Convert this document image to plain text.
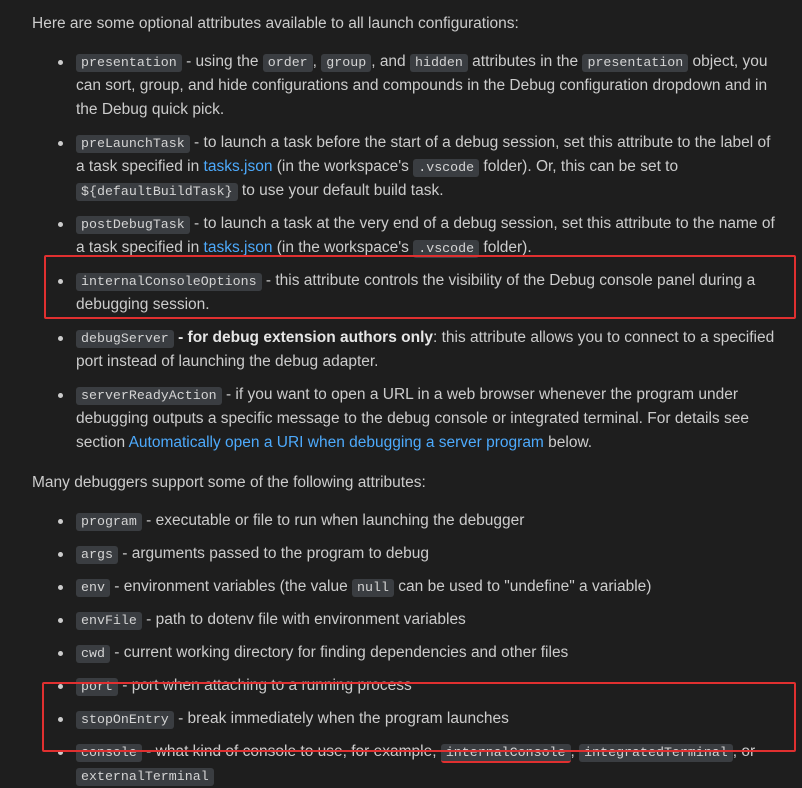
Here are some optional attributes available to all launch configurations:

presentation - using the order , group , and hidden attributes in the presentation object, you can sort, group, and hide configurations and compounds in the Debug configuration dropdown and in the Debug quick pick.
preLaunchTask - to launch a task before the start of a debug session, set this attribute to the label of a task specified in tasks.json (in the workspace's .vscode folder). Or, this can be set to ${defaultBuildTask} to use your default build task.
postDebugTask - to launch a task at the very end of a debug session, set this attribute to the name of a task specified in tasks.json (in the workspace's .vscode folder).
internalConsoleOptions - this attribute controls the visibility of the Debug console panel during a debugging session.
debugServer - for debug extension authors only: this attribute allows you to connect to a specified port instead of launching the debug adapter.
serverReadyAction - if you want to open a URL in a web browser whenever the program under debugging outputs a specific message to the debug console or integrated terminal. For details see section Automatically open a URI when debugging a server program below.

Many debuggers support some of the following attributes:

program - executable or file to run when launching the debugger
args - arguments passed to the program to debug
env - environment variables (the value null can be used to "undefine" a variable)
envFile - path to dotenv file with environment variables
cwd - current working directory for finding dependencies and other files
port - port when attaching to a running process
stopOnEntry - break immediately when the program launches
console - what kind of console to use, for example, internalConsole , integratedTerminal , or externalTerminal
